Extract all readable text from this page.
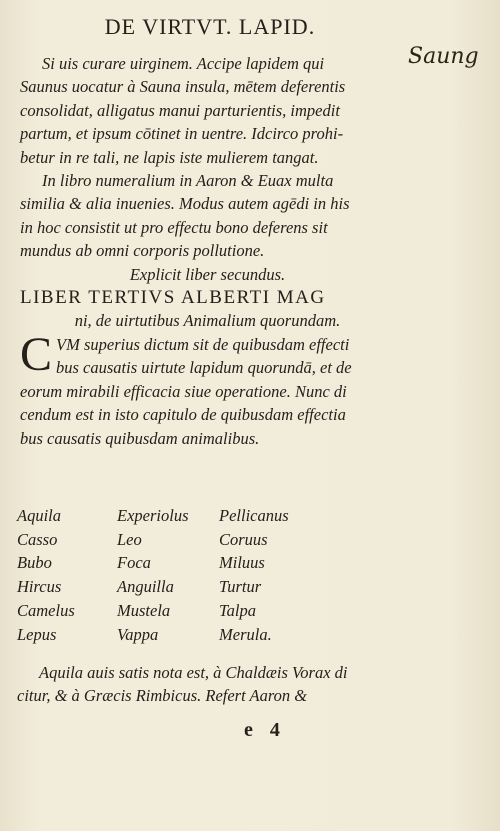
DE VIRTVT. LAPID.
Saung
Si uis curare uirginem. Accipe lapidem qui
Saunus uocatur à Sauna insula, mētem deferentis
consolidat, alligatus manui parturientis, impedit
partum, et ipsum cōtinet in uentre. Idcirco prohi-
betur in re tali, ne lapis iste mulierem tangat.
In libro numeralium in Aaron & Euax multa
similia & alia inuenies. Modus autem agēdi in his
in hoc consistit ut pro effectu bono deferens sit
mundus ab omni corporis pollutione.
Explicit liber secundus.
LIBER TERTIVS ALBERTI MAG
ni, de uirtutibus Animalium quorundam.
C VM superius dictum sit de quibusdam effecti
bus causatis uirtute lapidum quorundā, et de
eorum mirabili efficacia siue operatione. Nunc di
cendum est in isto capitulo de quibusdam effectia
bus causatis quibusdam animalibus.
Aquila	Experiolus	Pellicanus
Casso	Leo	Coruus
Bubo	Foca	Miluus
Hircus	Anguilla	Turtur
Camelus	Mustela	Talpa
Lepus	Vappa	Merula.
Aquila auis satis nota est, à Chaldæis Vorax di
citur, & à Græcis Rimbicus. Refert Aaron &
e 4
